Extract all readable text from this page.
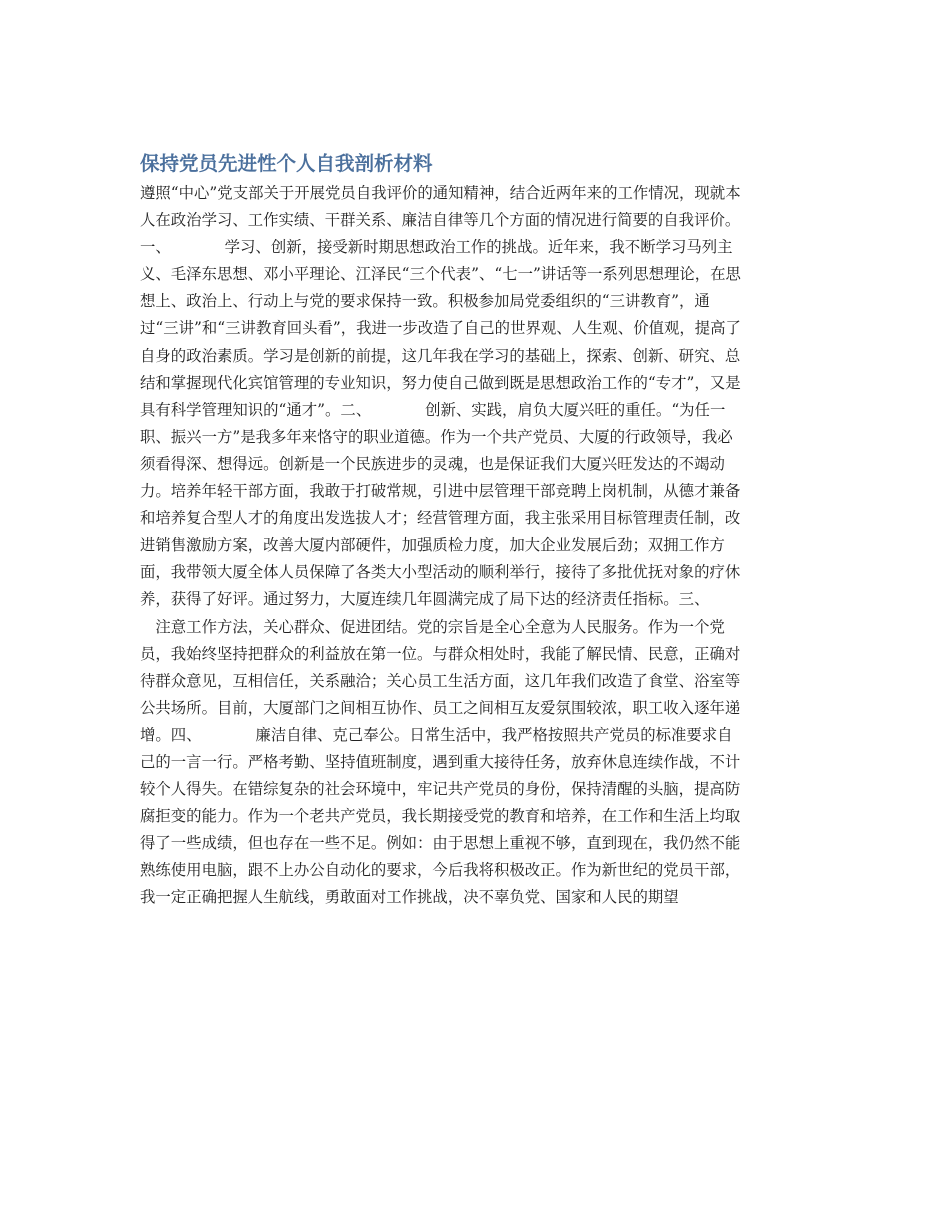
保持党员先进性个人自我剖析材料
遵照“中心”党支部关于开展党员自我评价的通知精神，结合近两年来的工作情况，现就本
人在政治学习、工作实绩、干群关系、廉洁自律等几个方面的情况进行简要的自我评价。
一、　　　　学习、创新，接受新时期思想政治工作的挑战。近年来，我不断学习马列主
义、毛泽东思想、邓小平理论、江泽民“三个代表”、“七一”讲话等一系列思想理论，在思
想上、政治上、行动上与党的要求保持一致。积极参加局党委组织的“三讲教育”，通
过“三讲”和“三讲教育回头看”，我进一步改造了自己的世界观、人生观、价值观，提高了
自身的政治素质。学习是创新的前提，这几年我在学习的基础上，探索、创新、研究、总
结和掌握现代化宾馆管理的专业知识，努力使自己做到既是思想政治工作的“专才”，又是
具有科学管理知识的“通才”。二、　　　　创新、实践，肩负大厦兴旺的重任。“为任一
职、振兴一方”是我多年来恪守的职业道德。作为一个共产党员、大厦的行政领导，我必
须看得深、想得远。创新是一个民族进步的灵魂，也是保证我们大厦兴旺发达的不竭动
力。培养年轻干部方面，我敢于打破常规，引进中层管理干部竞聘上岗机制，从德才兼备
和培养复合型人才的角度出发选拔人才；经营管理方面，我主张采用目标管理责任制，改
进销售激励方案，改善大厦内部硬件，加强质检力度，加大企业发展后劲；双拥工作方
面，我带领大厦全体人员保障了各类大小型活动的顺利举行，接待了多批优抚对象的疗休
养，获得了好评。通过努力，大厦连续几年圆满完成了局下达的经济责任指标。三、
　注意工作方法，关心群众、促进团结。党的宗旨是全心全意为人民服务。作为一个党
员，我始终坚持把群众的利益放在第一位。与群众相处时，我能了解民情、民意，正确对
待群众意见，互相信任，关系融洽；关心员工生活方面，这几年我们改造了食堂、浴室等
公共场所。目前，大厦部门之间相互协作、员工之间相互友爱氛围较浓，职工收入逐年递
增。四、　　　　廉洁自律、克己奉公。日常生活中，我严格按照共产党员的标准要求自
己的一言一行。严格考勤、坚持值班制度，遇到重大接待任务，放弃休息连续作战，不计
较个人得失。在错综复杂的社会环境中，牢记共产党员的身份，保持清醒的头脑，提高防
腐拒变的能力。作为一个老共产党员，我长期接受党的教育和培养，在工作和生活上均取
得了一些成绩，但也存在一些不足。例如：由于思想上重视不够，直到现在，我仍然不能
熟练使用电脑，跟不上办公自动化的要求，今后我将积极改正。作为新世纪的党员干部，
我一定正确把握人生航线，勇敢面对工作挑战，决不辜负党、国家和人民的期望
